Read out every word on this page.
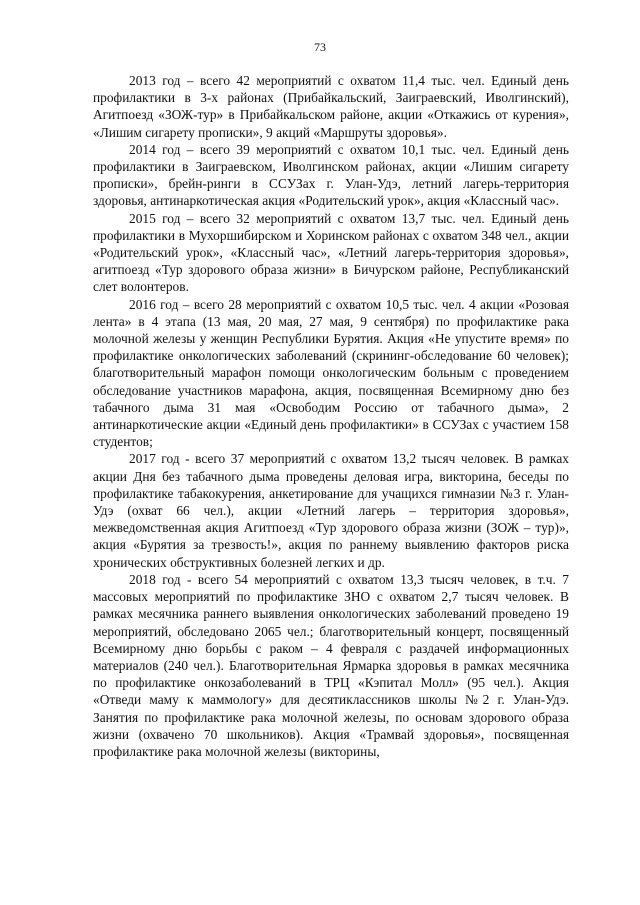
73

2013 год – всего 42 мероприятий с охватом 11,4 тыс. чел. Единый день профилактики в 3-х районах (Прибайкальский, Заиграевский, Иволгинский), Агитпоезд «ЗОЖ-тур» в Прибайкальском районе, акции «Откажись от курения», «Лишим сигарету прописки», 9 акций «Маршруты здоровья».

2014 год – всего 39 мероприятий с охватом 10,1 тыс. чел. Единый день профилактики в Заиграевском, Иволгинском районах, акции «Лишим сигарету прописки», брейн-ринги в ССУЗах г. Улан-Удэ, летний лагерь-территория здоровья, антинаркотическая акция «Родительский урок», акция «Классный час».

2015 год – всего 32 мероприятий с охватом 13,7 тыс. чел. Единый день профилактики в Мухоршибирском и Хоринском районах с охватом 348 чел., акции «Родительский урок», «Классный час», «Летний лагерь-территория здоровья», агитпоезд «Тур здорового образа жизни» в Бичурском районе, Республиканский слет волонтеров.

2016 год – всего 28 мероприятий с охватом 10,5 тыс. чел. 4 акции «Розовая лента» в 4 этапа (13 мая, 20 мая, 27 мая, 9 сентября) по профилактике рака молочной железы у женщин Республики Бурятия. Акция «Не упустите время» по профилактике онкологических заболеваний (скрининг-обследование 60 человек); благотворительный марафон помощи онкологическим больным с проведением обследование участников марафона, акция, посвященная Всемирному дню без табачного дыма 31 мая «Освободим Россию от табачного дыма», 2 антинаркотические акции «Единый день профилактики» в ССУЗах с участием 158 студентов;

2017 год - всего 37 мероприятий с охватом 13,2 тысяч человек. В рамках акции Дня без табачного дыма проведены деловая игра, викторина, беседы по профилактике табакокурения, анкетирование для учащихся гимназии №3 г. Улан-Удэ (охват 66 чел.), акции «Летний лагерь – территория здоровья», межведомственная акция Агитпоезд «Тур здорового образа жизни (ЗОЖ – тур)», акция «Бурятия за трезвость!», акция по раннему выявлению факторов риска хронических обструктивных болезней легких и др.

2018 год - всего 54 мероприятий с охватом 13,3 тысяч человек, в т.ч. 7 массовых мероприятий по профилактике ЗНО с охватом 2,7 тысяч человек. В рамках месячника раннего выявления онкологических заболеваний проведено 19 мероприятий, обследовано 2065 чел.; благотворительный концерт, посвященный Всемирному дню борьбы с раком – 4 февраля с раздачей информационных материалов (240 чел.). Благотворительная Ярмарка здоровья в рамках месячника по профилактике онкозаболеваний в ТРЦ «Кэпитал Молл» (95 чел.). Акция «Отведи маму к маммологу» для десятиклассников школы №2 г. Улан-Удэ. Занятия по профилактике рака молочной железы, по основам здорового образа жизни (охвачено 70 школьников). Акция «Трамвай здоровья», посвященная профилактике рака молочной железы (викторины,
